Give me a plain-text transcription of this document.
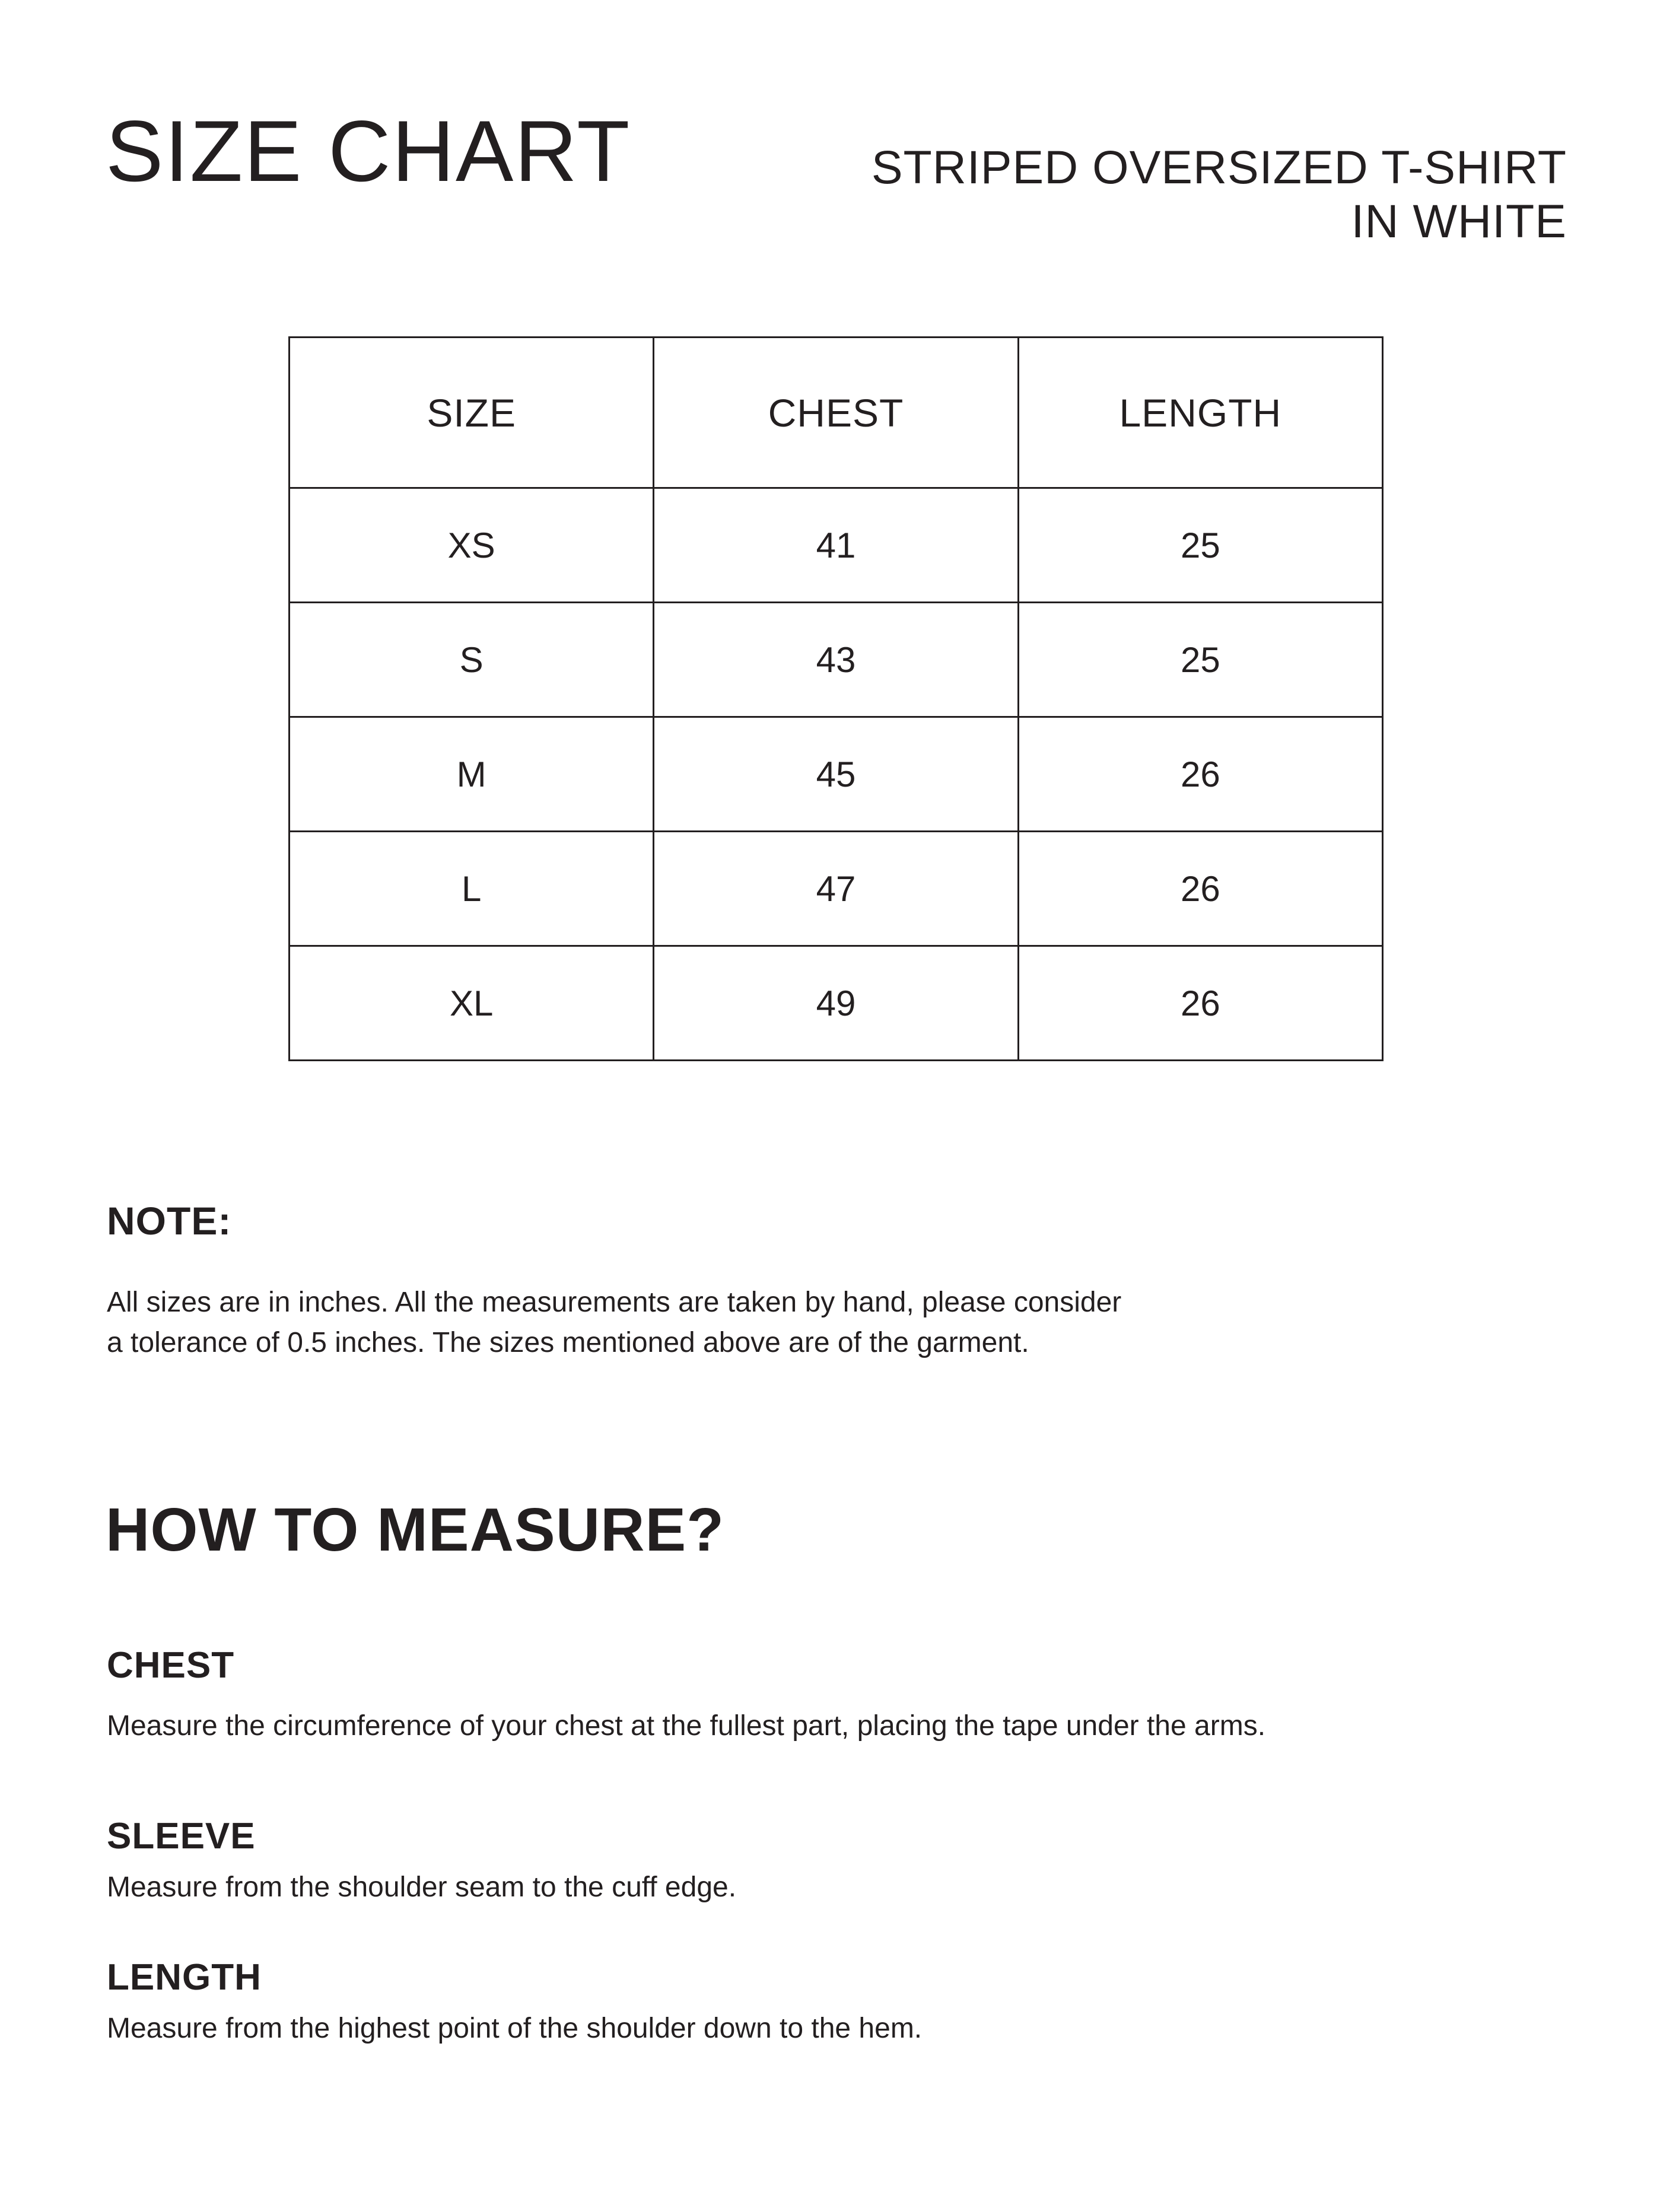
SIZE CHART	STRIPED OVERSIZED T-SHIRT
IN WHITE
SIZE	CHEST	LENGTH
XS	41	25
S	43	25
M	45	26
L	47	26
XL	49	26
NOTE:
All sizes are in inches. All the measurements are taken by hand, please consider
a tolerance of 0.5 inches. The sizes mentioned above are of the garment.
HOW TO MEASURE?
CHEST
Measure the circumference of your chest at the fullest part, placing the tape under the arms.
SLEEVE
Measure from the shoulder seam to the cuff edge.
LENGTH
Measure from the highest point of the shoulder down to the hem.
